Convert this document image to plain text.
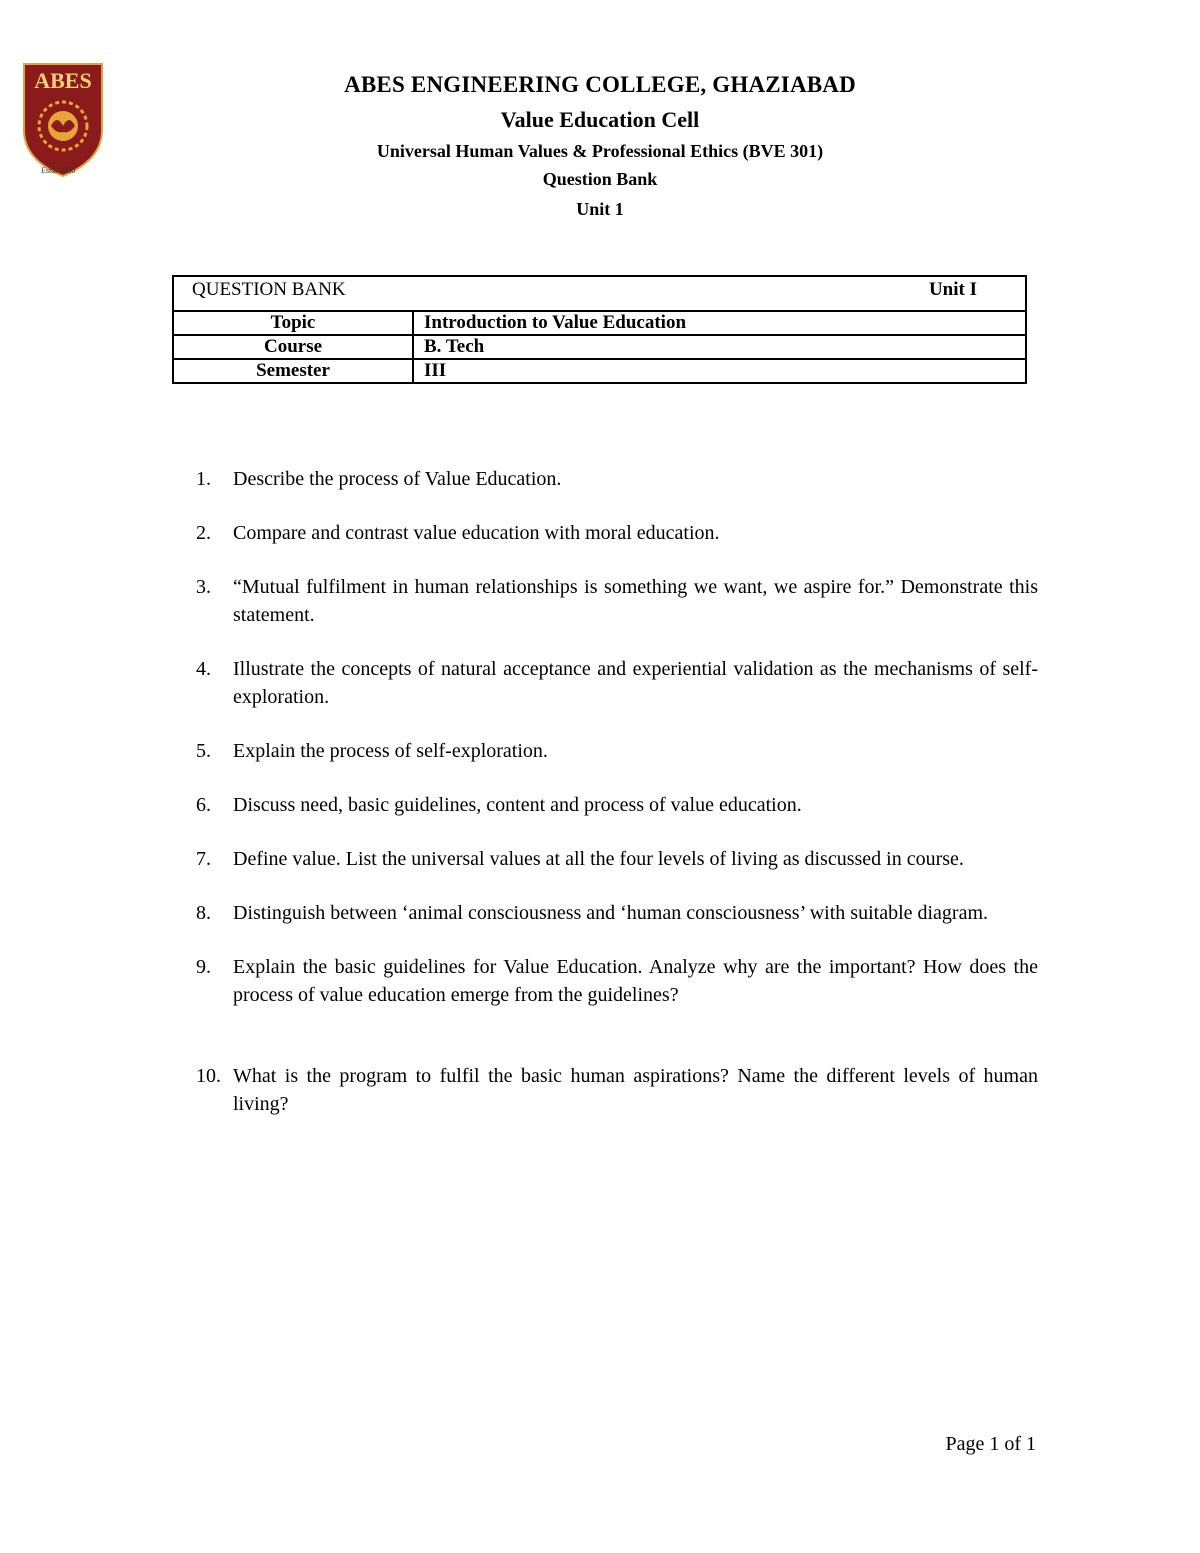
ABES
Estd. 2000
ABES ENGINEERING COLLEGE, GHAZIABAD
Value Education Cell
Universal Human Values & Professional Ethics (BVE 301)
Question Bank
Unit 1
QUESTION BANK	Unit I
Topic	Introduction to Value Education
Course	B. Tech
Semester	III
1. Describe the process of Value Education.
2. Compare and contrast value education with moral education.
3. “Mutual fulfilment in human relationships is something we want, we aspire for.” Demonstrate this statement.
4. Illustrate the concepts of natural acceptance and experiential validation as the mechanisms of self-exploration.
5. Explain the process of self-exploration.
6. Discuss need, basic guidelines, content and process of value education.
7. Define value. List the universal values at all the four levels of living as discussed in course.
8. Distinguish between ‘animal consciousness and ‘human consciousness’ with suitable diagram.
9. Explain the basic guidelines for Value Education. Analyze why are the important? How does the process of value education emerge from the guidelines?
10. What is the program to fulfil the basic human aspirations? Name the different levels of human living?
Page 1 of 1
